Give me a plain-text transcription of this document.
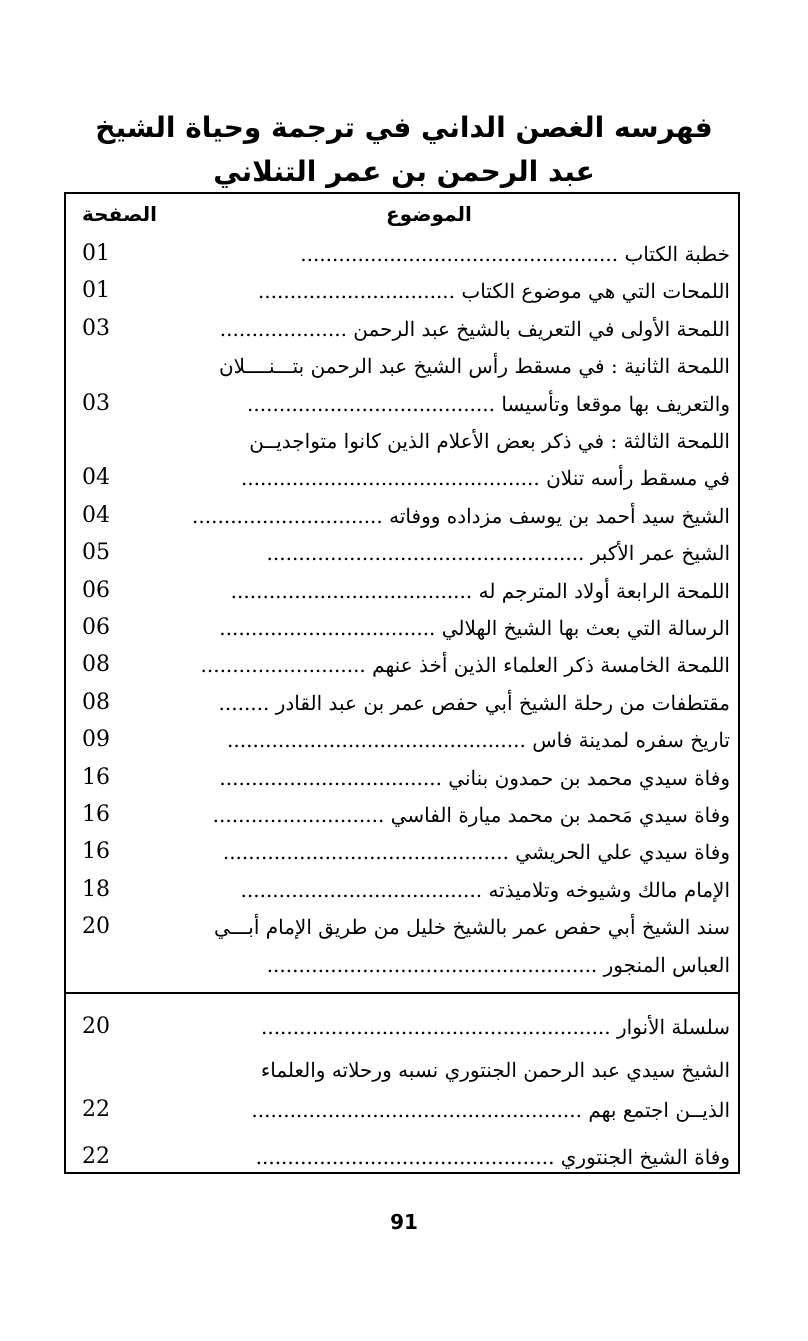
فهرسه الغصن الداني في ترجمة وحياة الشيخ
عبد الرحمن بن عمر التنلاني
الصفحة	الموضوع
01	خطبة الكتاب ..................................................
01	اللمحات التي هي موضوع الكتاب ...............................
03	اللمحة الأولى في التعريف بالشيخ عبد الرحمن ....................
اللمحة الثانية : في مسقط رأس الشيخ عبد الرحمن بتـــنــــلان
03	والتعريف بها موقعا وتأسيسا .......................................
اللمحة الثالثة : في ذكر بعض الأعلام الذين كانوا متواجديــن
04	في مسقط رأسه تنلان ...............................................
04	الشيخ سيد أحمد بن يوسف مزداده ووفاته ..............................
05	الشيخ عمر الأكبر ..................................................
06	اللمحة الرابعة أولاد المترجم له ......................................
06	الرسالة التي بعث بها الشيخ الهلالي ..................................
08	اللمحة الخامسة ذكر العلماء الذين أخذ عنهم ..........................
08	مقتطفات من رحلة الشيخ أبي حفص عمر بن عبد القادر ........
09	تاريخ سفره لمدينة فاس ...............................................
16	وفاة سيدي محمد بن حمدون بناني ...................................
16	وفاة سيدي مَحمد بن محمد ميارة الفاسي ...........................
16	وفاة سيدي علي الحريشي .............................................
18	الإمام مالك وشيوخه وتلاميذته ......................................
20	سند الشيخ أبي حفص عمر بالشيخ خليل من طريق الإمام أبـــي
العباس المنجور ....................................................
20	سلسلة الأنوار .......................................................
الشيخ سيدي عبد الرحمن الجنتوري نسبه ورحلاته والعلماء
22	الذيــن اجتمع بهم ....................................................
22	وفاة الشيخ الجنتوري ...............................................
91
